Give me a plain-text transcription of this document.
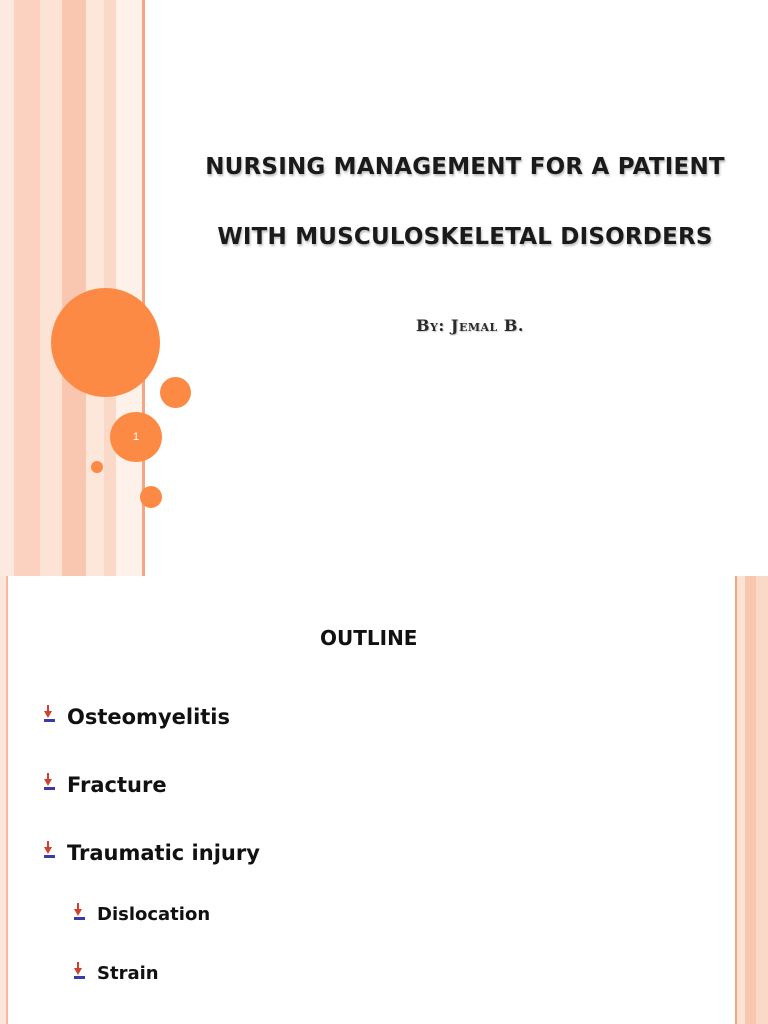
1
NURSING MANAGEMENT FOR A PATIENT
WITH MUSCULOSKELETAL DISORDERS
By: Jemal B.
OUTLINE
Osteomyelitis
Fracture
Traumatic injury
Dislocation
Strain
